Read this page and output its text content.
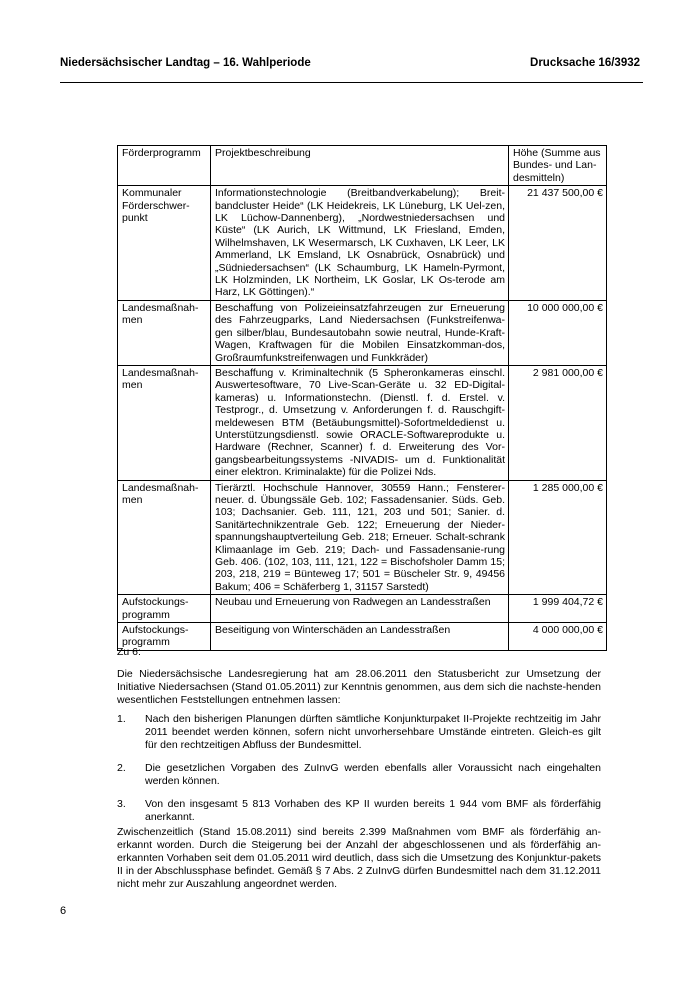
Niedersächsischer Landtag – 16. Wahlperiode	Drucksache 16/3932
Förderprogramm	Projektbeschreibung	Höhe (Summe aus Bundes- und Lan-desmitteln)
Kommunaler Förderschwer-punkt	Informationstechnologie (Breitbandverkabelung); Breit-bandcluster Heide“ (LK Heidekreis, LK Lüneburg, LK Uel-zen, LK Lüchow-Dannenberg), „Nordwestniedersachsen und Küste“ (LK Aurich, LK Wittmund, LK Friesland, Emden, Wilhelmshaven, LK Wesermarsch, LK Cuxhaven, LK Leer, LK Ammerland, LK Emsland, LK Osnabrück, Osnabrück) und „Südniedersachsen“ (LK Schaumburg, LK Hameln-Pyrmont, LK Holzminden, LK Northeim, LK Goslar, LK Os-terode am Harz, LK Göttingen).“	21 437 500,00 €
Landesmaßnah-men	Beschaffung von Polizeieinsatzfahrzeugen zur Erneuerung des Fahrzeugparks, Land Niedersachsen (Funkstreifenwa-gen silber/blau, Bundesautobahn sowie neutral, Hunde-Kraft-Wagen, Kraftwagen für die Mobilen Einsatzkomman-dos, Großraumfunkstreifenwagen und Funkkräder)	10 000 000,00 €
Landesmaßnah-men	Beschaffung v. Kriminaltechnik (5 Spheronkameras einschl. Auswertesoftware, 70 Live-Scan-Geräte u. 32 ED-Digital-kameras) u. Informationstechn. (Dienstl. f. d. Erstel. v. Testprogr., d. Umsetzung v. Anforderungen f. d. Rauschgift-meldewesen BTM (Betäubungsmittel)-Sofortmeldedienst u. Unterstützungsdienstl. sowie ORACLE-Softwareprodukte u. Hardware (Rechner, Scanner) f. d. Erweiterung des Vor-gangsbearbeitungssystems -NIVADIS- um d. Funktionalität einer elektron. Kriminalakte) für die Polizei Nds.	2 981 000,00 €
Landesmaßnah-men	Tierärztl. Hochschule Hannover, 30559 Hann.; Fensterer-neuer. d. Übungssäle Geb. 102; Fassadensanier. Süds. Geb. 103; Dachsanier. Geb. 111, 121, 203 und 501; Sanier. d. Sanitärtechnikzentrale Geb. 122; Erneuerung der Nieder-spannungshauptverteilung Geb. 218; Erneuer. Schalt-schrank Klimaanlage im Geb. 219; Dach- und Fassadensanie-rung Geb. 406. (102, 103, 111, 121, 122 = Bischofsholer Damm 15; 203, 218, 219 = Bünteweg 17; 501 = Büscheler Str. 9, 49456 Bakum; 406 = Schäferberg 1, 31157 Sarstedt)	1 285 000,00 €
Aufstockungs-programm	Neubau und Erneuerung von Radwegen an Landesstraßen	1 999 404,72 €
Aufstockungs-programm	Beseitigung von Winterschäden an Landesstraßen	4 000 000,00 €
Zu 6:
Die Niedersächsische Landesregierung hat am 28.06.2011 den Statusbericht zur Umsetzung der Initiative Niedersachsen (Stand 01.05.2011) zur Kenntnis genommen, aus dem sich die nachste-henden wesentlichen Feststellungen entnehmen lassen:
1. Nach den bisherigen Planungen dürften sämtliche Konjunkturpaket II-Projekte rechtzeitig im Jahr 2011 beendet werden können, sofern nicht unvorhersehbare Umstände eintreten. Gleich-es gilt für den rechtzeitigen Abfluss der Bundesmittel.
2. Die gesetzlichen Vorgaben des ZuInvG werden ebenfalls aller Voraussicht nach eingehalten werden können.
3. Von den insgesamt 5 813 Vorhaben des KP II wurden bereits 1 944 vom BMF als förderfähig anerkannt.
Zwischenzeitlich (Stand 15.08.2011) sind bereits 2.399 Maßnahmen vom BMF als förderfähig an-erkannt worden. Durch die Steigerung bei der Anzahl der abgeschlossenen und als förderfähig an-erkannten Vorhaben seit dem 01.05.2011 wird deutlich, dass sich die Umsetzung des Konjunktur-pakets II in der Abschlussphase befindet. Gemäß § 7 Abs. 2 ZuInvG dürfen Bundesmittel nach dem 31.12.2011 nicht mehr zur Auszahlung angeordnet werden.
6
